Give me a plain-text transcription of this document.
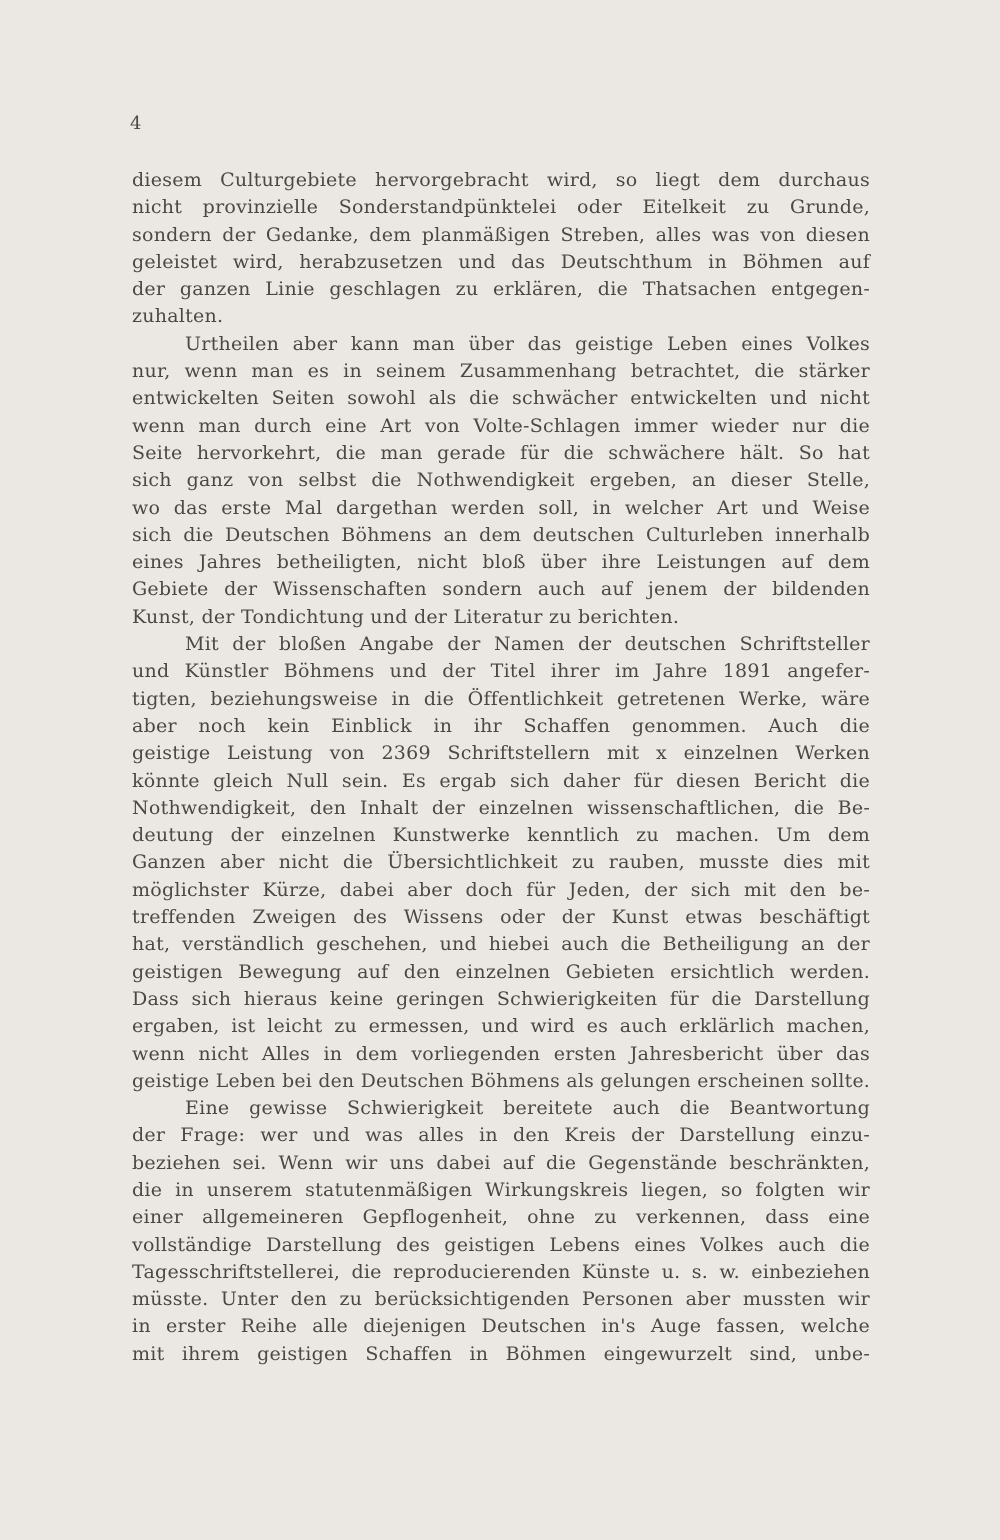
4
diesem Culturgebiete hervorgebracht wird, so liegt dem durchaus
nicht provinzielle Sonderstandpünktelei oder Eitelkeit zu Grunde,
sondern der Gedanke, dem planmäßigen Streben, alles was von diesen
geleistet wird, herabzusetzen und das Deutschthum in Böhmen auf
der ganzen Linie geschlagen zu erklären, die Thatsachen entgegen-
zuhalten.
Urtheilen aber kann man über das geistige Leben eines Volkes
nur, wenn man es in seinem Zusammenhang betrachtet, die stärker
entwickelten Seiten sowohl als die schwächer entwickelten und nicht
wenn man durch eine Art von Volte-Schlagen immer wieder nur die
Seite hervorkehrt, die man gerade für die schwächere hält. So hat
sich ganz von selbst die Nothwendigkeit ergeben, an dieser Stelle,
wo das erste Mal dargethan werden soll, in welcher Art und Weise
sich die Deutschen Böhmens an dem deutschen Culturleben innerhalb
eines Jahres betheiligten, nicht bloß über ihre Leistungen auf dem
Gebiete der Wissenschaften sondern auch auf jenem der bildenden
Kunst, der Tondichtung und der Literatur zu berichten.
Mit der bloßen Angabe der Namen der deutschen Schriftsteller
und Künstler Böhmens und der Titel ihrer im Jahre 1891 angefer-
tigten, beziehungsweise in die Öffentlichkeit getretenen Werke, wäre
aber noch kein Einblick in ihr Schaffen genommen. Auch die
geistige Leistung von 2369 Schriftstellern mit x einzelnen Werken
könnte gleich Null sein. Es ergab sich daher für diesen Bericht die
Nothwendigkeit, den Inhalt der einzelnen wissenschaftlichen, die Be-
deutung der einzelnen Kunstwerke kenntlich zu machen. Um dem
Ganzen aber nicht die Übersichtlichkeit zu rauben, musste dies mit
möglichster Kürze, dabei aber doch für Jeden, der sich mit den be-
treffenden Zweigen des Wissens oder der Kunst etwas beschäftigt
hat, verständlich geschehen, und hiebei auch die Betheiligung an der
geistigen Bewegung auf den einzelnen Gebieten ersichtlich werden.
Dass sich hieraus keine geringen Schwierigkeiten für die Darstellung
ergaben, ist leicht zu ermessen, und wird es auch erklärlich machen,
wenn nicht Alles in dem vorliegenden ersten Jahresbericht über das
geistige Leben bei den Deutschen Böhmens als gelungen erscheinen sollte.
Eine gewisse Schwierigkeit bereitete auch die Beantwortung
der Frage: wer und was alles in den Kreis der Darstellung einzu-
beziehen sei. Wenn wir uns dabei auf die Gegenstände beschränkten,
die in unserem statutenmäßigen Wirkungskreis liegen, so folgten wir
einer allgemeineren Gepflogenheit, ohne zu verkennen, dass eine
vollständige Darstellung des geistigen Lebens eines Volkes auch die
Tagesschriftstellerei, die reproducierenden Künste u. s. w. einbeziehen
müsste. Unter den zu berücksichtigenden Personen aber mussten wir
in erster Reihe alle diejenigen Deutschen in's Auge fassen, welche
mit ihrem geistigen Schaffen in Böhmen eingewurzelt sind, unbe-
